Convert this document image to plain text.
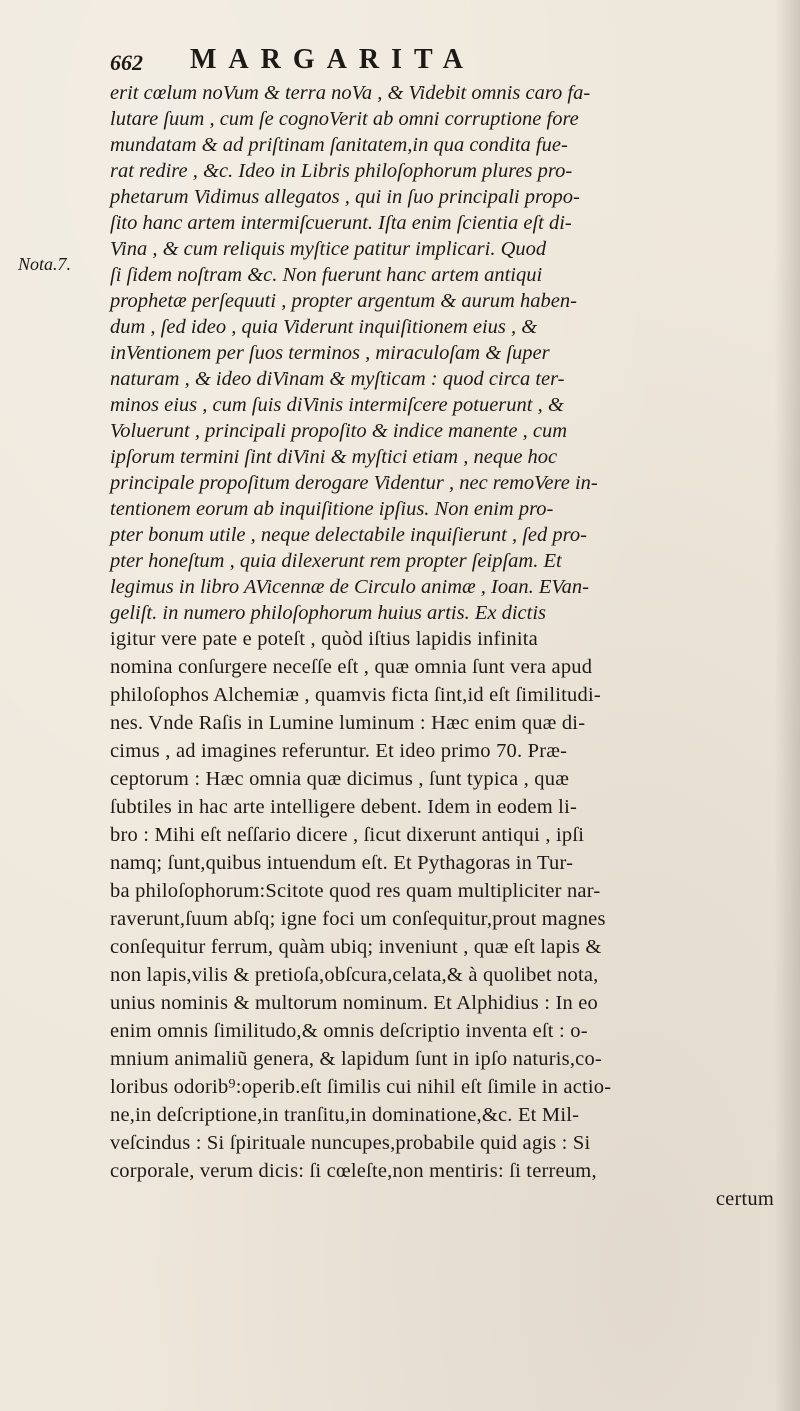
662 MARGARITA
Nota.7.
erit cœlum noVum & terra noVa , & Videbit omnis caro fa-
lutare ſuum , cum ſe cognoVerit ab omni corruptione fore
mundatam & ad priſtinam ſanitatem,in qua condita fue-
rat redire , &c. Ideo in Libris philoſophorum plures pro-
phetarum Vidimus allegatos , qui in ſuo principali propo-
ſito hanc artem intermiſcuerunt. Iſta enim ſcientia eſt di-
Vina , & cum reliquis myſtice patitur implicari. Quod
ſi ſidem noſtram &c. Non fuerunt hanc artem antiqui
prophetæ perſequuti , propter argentum & aurum haben-
dum , ſed ideo , quia Viderunt inquiſitionem eius , &
inVentionem per ſuos terminos , miraculoſam & ſuper
naturam , & ideo diVinam & myſticam : quod circa ter-
minos eius , cum ſuis diVinis intermiſcere potuerunt , &
Voluerunt , principali propoſito & indice manente , cum
ipſorum termini ſint diVini & myſtici etiam , neque hoc
principale propoſitum derogare Videntur , nec remoVere in-
tentionem eorum ab inquiſitione ipſius. Non enim pro-
pter bonum utile , neque delectabile inquiſierunt , ſed pro-
pter honeſtum , quia dilexerunt rem propter ſeipſam. Et
legimus in libro AVicennæ de Circulo animæ , Ioan. EVan-
geliſt. in numero philoſophorum huius artis. Ex dictis
igitur vere pate e poteſt , quòd iſtius lapidis infinita
nomina conſurgere neceſſe eſt , quæ omnia ſunt vera apud
philoſophos Alchemiæ , quamvis ficta ſint,id eſt ſimilitudi-
nes. Vnde Raſis in Lumine luminum : Hæc enim quæ di-
cimus , ad imagines referuntur. Et ideo primo 70. Præ-
ceptorum : Hæc omnia quæ dicimus , ſunt typica , quæ
ſubtiles in hac arte intelligere debent. Idem in eodem li-
bro : Mihi eſt neſſario dicere , ſicut dixerunt antiqui , ipſi
namq; ſunt,quibus intuendum eſt. Et Pythagoras in Tur-
ba philoſophorum:Scitote quod res quam multipliciter nar-
raverunt,ſuum abſq; igne foci um conſequitur,prout magnes
conſequitur ferrum, quàm ubiq; inveniunt , quæ eſt lapis &
non lapis,vilis & pretioſa,obſcura,celata,& à quolibet nota,
unius nominis & multorum nominum. Et Alphidius : In eo
enim omnis ſimilitudo,& omnis deſcriptio inventa eſt : o-
mnium animaliũ genera, & lapidum ſunt in ipſo naturis,co-
loribus odorib⁹:operib.eſt ſimilis cui nihil eſt ſimile in actio-
ne,in deſcriptione,in tranſitu,in dominatione,&c. Et Mil-
veſcindus : Si ſpirituale nuncupes,probabile quid agis : Si
corporale, verum dicis: ſi cœleſte,non mentiris: ſi terreum,
certum
